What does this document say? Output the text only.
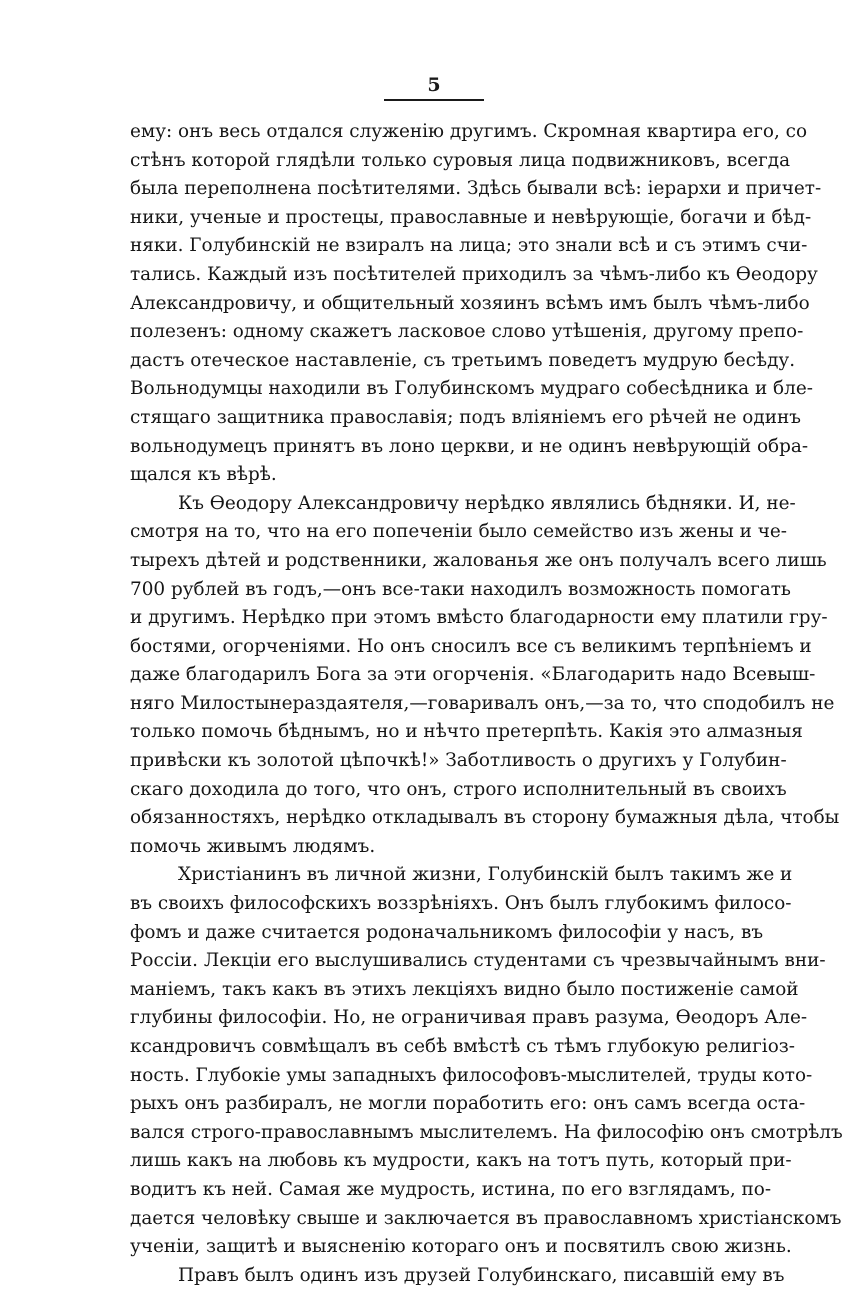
5
ему: онъ весь отдался служенію другимъ. Скромная квартира его, со
стѣнъ которой глядѣли только суровыя лица подвижниковъ, всегда
была переполнена посѣтителями. Здѣсь бывали всѣ: іерархи и причет-
ники, ученые и простецы, православные и невѣрующіе, богачи и бѣд-
няки. Голубинскій не взиралъ на лица; это знали всѣ и съ этимъ счи-
тались. Каждый изъ посѣтителей приходилъ за чѣмъ-либо къ Ѳеодору
Александровичу, и общительный хозяинъ всѣмъ имъ былъ чѣмъ-либо
полезенъ: одному скажетъ ласковое слово утѣшенія, другому препо-
дастъ отеческое наставленіе, съ третьимъ поведетъ мудрую бесѣду.
Вольнодумцы находили въ Голубинскомъ мудраго собесѣдника и бле-
стящаго защитника православія; подъ вліяніемъ его рѣчей не одинъ
вольнодумецъ принятъ въ лоно церкви, и не одинъ невѣрующій обра-
щался къ вѣрѣ.
Къ Ѳеодору Александровичу нерѣдко являлись бѣдняки. И, не-
смотря на то, что на его попеченіи было семейство изъ жены и че-
тырехъ дѣтей и родственники, жалованья же онъ получалъ всего лишь
700 рублей въ годъ,—онъ все-таки находилъ возможность помогать
и другимъ. Нерѣдко при этомъ вмѣсто благодарности ему платили гру-
бостями, огорченіями. Но онъ сносилъ все съ великимъ терпѣніемъ и
даже благодарилъ Бога за эти огорченія. «Благодарить надо Всевыш-
няго Милостынераздаятеля,—говаривалъ онъ,—за то, что сподобилъ не
только помочь бѣднымъ, но и нѣчто претерпѣть. Какія это алмазныя
привѣски къ золотой цѣпочкѣ!» Заботливость о другихъ у Голубин-
скаго доходила до того, что онъ, строго исполнительный въ своихъ
обязанностяхъ, нерѣдко откладывалъ въ сторону бумажныя дѣла, чтобы
помочь живымъ людямъ.
Христіанинъ въ личной жизни, Голубинскій былъ такимъ же и
въ своихъ философскихъ воззрѣніяхъ. Онъ былъ глубокимъ филосо-
фомъ и даже считается родоначальникомъ философіи у насъ, въ
Россіи. Лекціи его выслушивались студентами съ чрезвычайнымъ вни-
маніемъ, такъ какъ въ этихъ лекціяхъ видно было постиженіе самой
глубины философіи. Но, не ограничивая правъ разума, Ѳеодоръ Але-
ксандровичъ совмѣщалъ въ себѣ вмѣстѣ съ тѣмъ глубокую религіоз-
ность. Глубокіе умы западныхъ философовъ-мыслителей, труды кото-
рыхъ онъ разбиралъ, не могли поработить его: онъ самъ всегда оста-
вался строго-православнымъ мыслителемъ. На философію онъ смотрѣлъ
лишь какъ на любовь къ мудрости, какъ на тотъ путь, который при-
водитъ къ ней. Самая же мудрость, истина, по его взглядамъ, по-
дается человѣку свыше и заключается въ православномъ христіанскомъ
ученіи, защитѣ и выясненію котораго онъ и посвятилъ свою жизнь.
Правъ былъ одинъ изъ друзей Голубинскаго, писавшій ему въ
